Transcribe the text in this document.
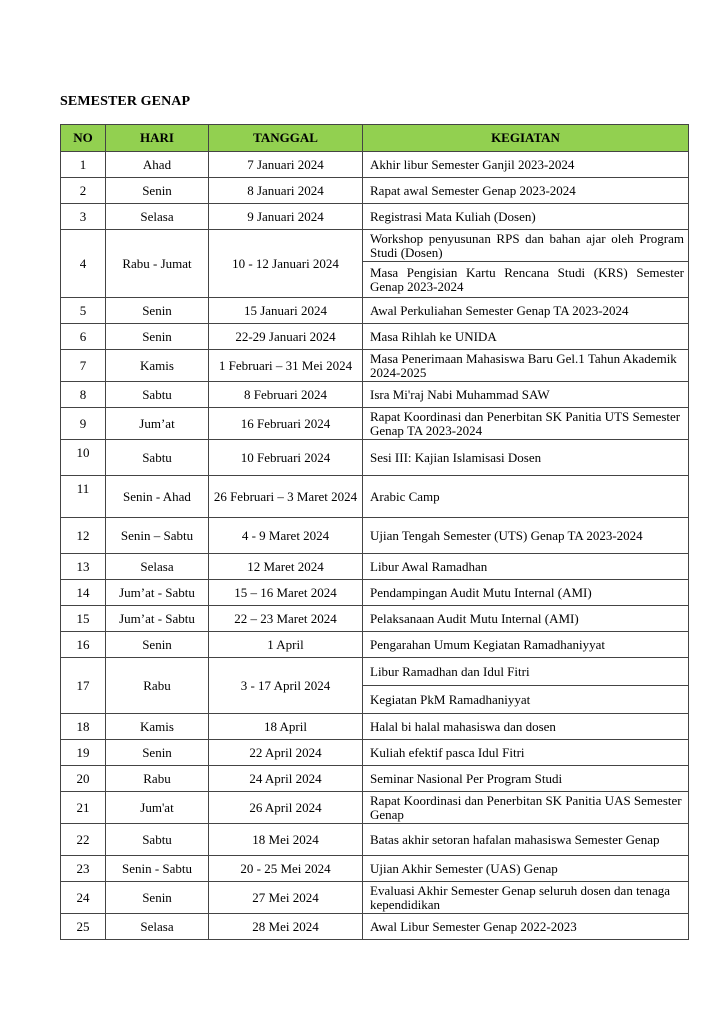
SEMESTER GENAP
NO	HARI	TANGGAL	KEGIATAN
1	Ahad	7 Januari 2024	Akhir libur Semester Ganjil 2023-2024
2	Senin	8 Januari 2024	Rapat awal Semester Genap 2023-2024
3	Selasa	9 Januari 2024	Registrasi Mata Kuliah (Dosen)
4	Rabu - Jumat	10 - 12 Januari 2024	Workshop penyusunan RPS dan bahan ajar oleh Program Studi (Dosen)
			Masa Pengisian Kartu Rencana Studi (KRS) Semester Genap 2023-2024
5	Senin	15 Januari 2024	Awal Perkuliahan Semester Genap TA 2023-2024
6	Senin	22-29 Januari 2024	Masa Rihlah ke UNIDA
7	Kamis	1 Februari – 31 Mei 2024	Masa Penerimaan Mahasiswa Baru Gel.1 Tahun Akademik 2024-2025
8	Sabtu	8 Februari 2024	Isra Mi'raj Nabi Muhammad SAW
9	Jum’at	16 Februari 2024	Rapat Koordinasi dan Penerbitan SK Panitia UTS Semester Genap TA 2023-2024
10	Sabtu	10 Februari 2024	Sesi III: Kajian Islamisasi Dosen
11	Senin - Ahad	26 Februari – 3 Maret 2024	Arabic Camp
12	Senin – Sabtu	4 - 9 Maret 2024	Ujian Tengah Semester (UTS) Genap TA 2023-2024
13	Selasa	12 Maret 2024	Libur Awal Ramadhan
14	Jum’at - Sabtu	15 – 16 Maret 2024	Pendampingan Audit Mutu Internal (AMI)
15	Jum’at - Sabtu	22 – 23 Maret 2024	Pelaksanaan Audit Mutu Internal (AMI)
16	Senin	1 April	Pengarahan Umum Kegiatan Ramadhaniyyat
17	Rabu	3 - 17 April 2024	Libur Ramadhan dan Idul Fitri
			Kegiatan PkM Ramadhaniyyat
18	Kamis	18 April	Halal bi halal mahasiswa dan dosen
19	Senin	22 April 2024	Kuliah efektif pasca Idul Fitri
20	Rabu	24 April 2024	Seminar Nasional Per Program Studi
21	Jum'at	26 April 2024	Rapat Koordinasi dan Penerbitan SK Panitia UAS Semester Genap
22	Sabtu	18 Mei 2024	Batas akhir setoran hafalan mahasiswa Semester Genap
23	Senin - Sabtu	20 - 25 Mei 2024	Ujian Akhir Semester (UAS) Genap
24	Senin	27 Mei 2024	Evaluasi Akhir Semester Genap seluruh dosen dan tenaga kependidikan
25	Selasa	28 Mei 2024	Awal Libur Semester Genap 2022-2023
